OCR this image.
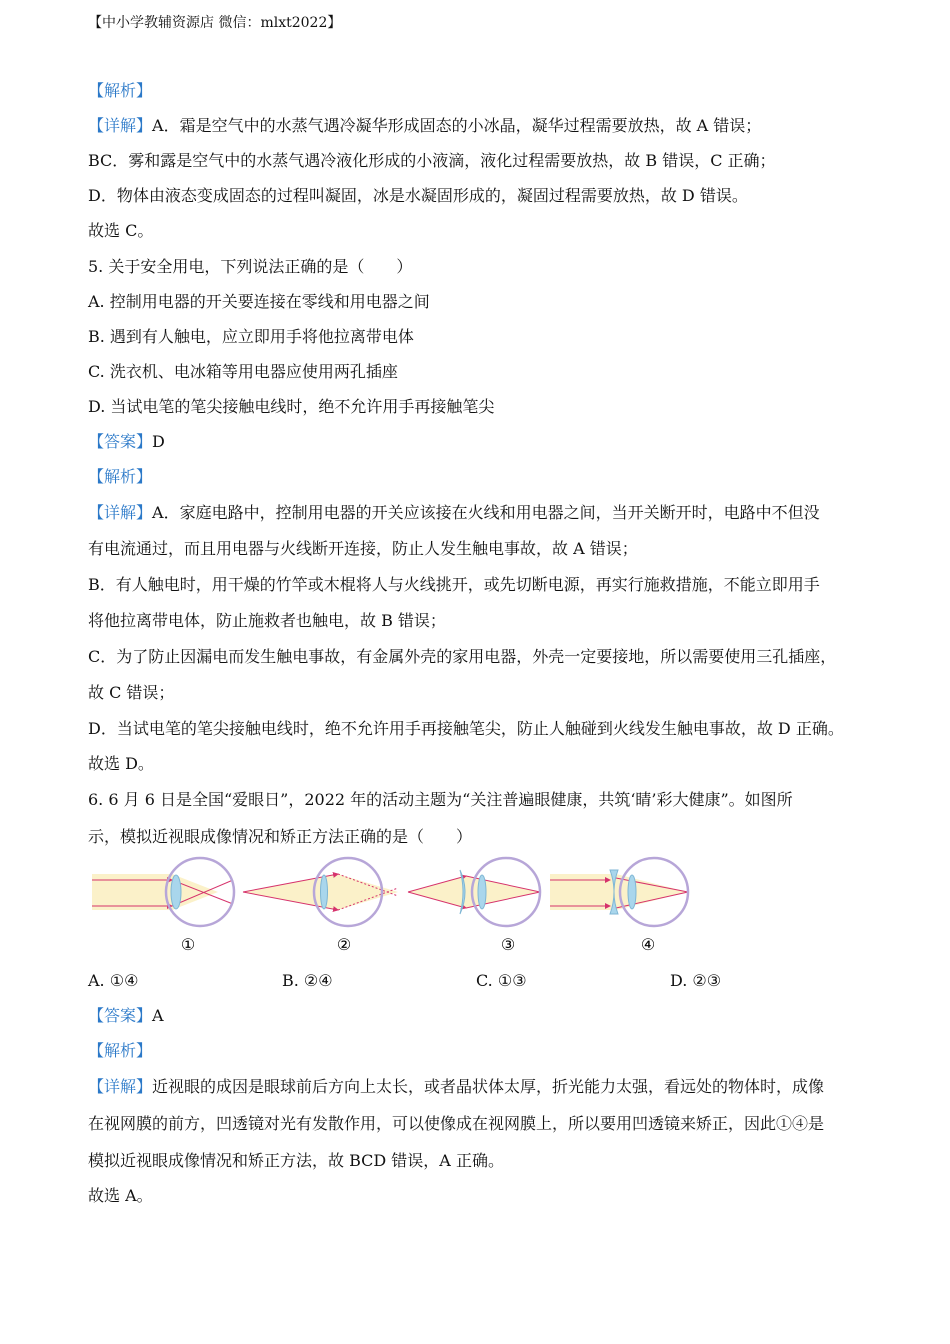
【中小学教辅资源店 微信：mlxt2022】
【解析】
【详解】A．霜是空气中的水蒸气遇冷凝华形成固态的小冰晶，凝华过程需要放热，故 A 错误；
BC．雾和露是空气中的水蒸气遇冷液化形成的小液滴，液化过程需要放热，故 B 错误，C 正确；
D．物体由液态变成固态的过程叫凝固，冰是水凝固形成的，凝固过程需要放热，故 D 错误。
故选 C。
5. 关于安全用电，下列说法正确的是（　　）
A. 控制用电器的开关要连接在零线和用电器之间
B. 遇到有人触电，应立即用手将他拉离带电体
C. 洗衣机、电冰箱等用电器应使用两孔插座
D. 当试电笔的笔尖接触电线时，绝不允许用手再接触笔尖
【答案】D
【解析】
【详解】A．家庭电路中，控制用电器的开关应该接在火线和用电器之间，当开关断开时，电路中不但没
有电流通过，而且用电器与火线断开连接，防止人发生触电事故，故 A 错误；
B．有人触电时，用干燥的竹竿或木棍将人与火线挑开，或先切断电源，再实行施救措施，不能立即用手
将他拉离带电体，防止施救者也触电，故 B 错误；
C．为了防止因漏电而发生触电事故，有金属外壳的家用电器，外壳一定要接地，所以需要使用三孔插座，
故 C 错误；
D．当试电笔的笔尖接触电线时，绝不允许用手再接触笔尖，防止人触碰到火线发生触电事故，故 D 正确。
故选 D。
6. 6 月 6 日是全国“爱眼日”，2022 年的活动主题为“关注普遍眼健康，共筑‘睛’彩大健康”。如图所
示，模拟近视眼成像情况和矫正方法正确的是（　　）
①	②	③	④
A. ①④	B. ②④	C. ①③	D. ②③
【答案】A
【解析】
【详解】近视眼的成因是眼球前后方向上太长，或者晶状体太厚，折光能力太强，看远处的物体时，成像
在视网膜的前方，凹透镜对光有发散作用，可以使像成在视网膜上，所以要用凹透镜来矫正，因此①④是
模拟近视眼成像情况和矫正方法，故 BCD 错误，A 正确。
故选 A。
